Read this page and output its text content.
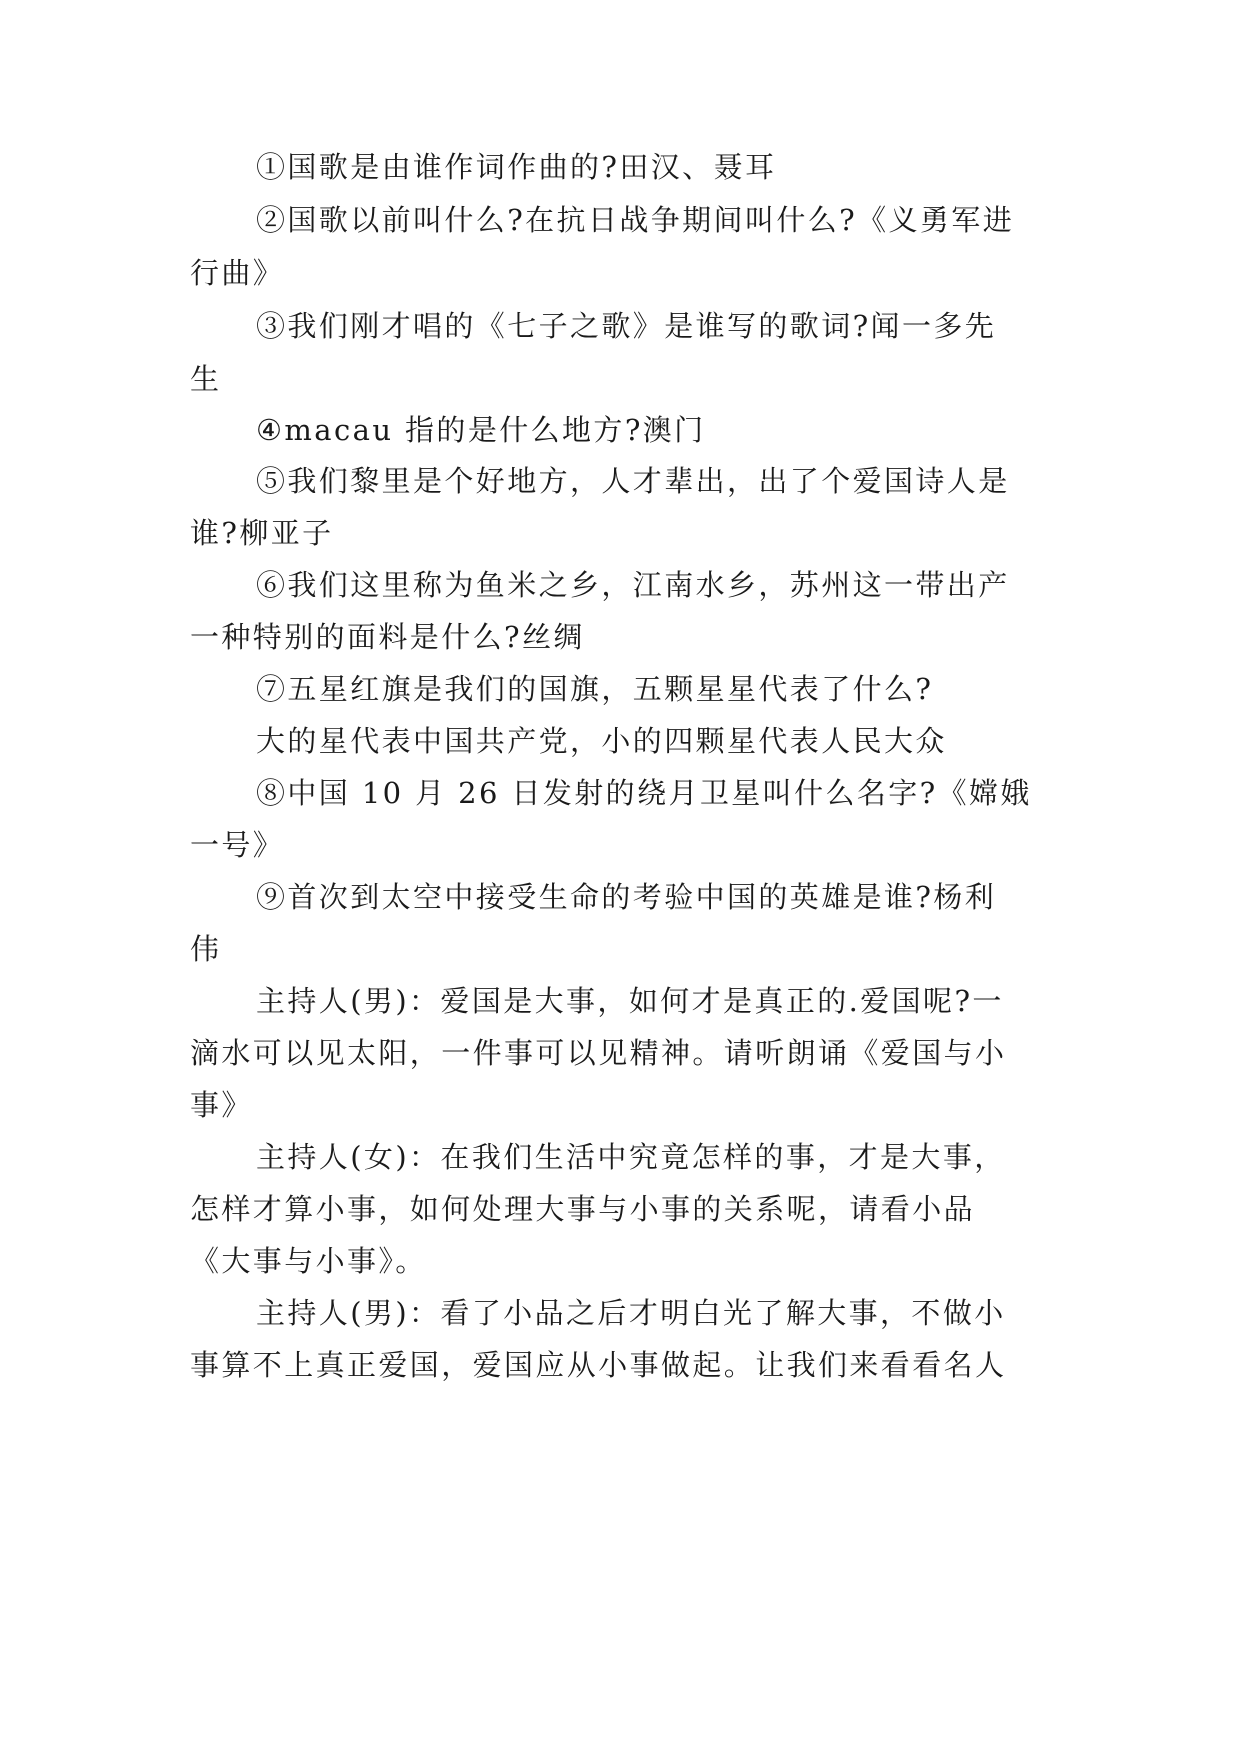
①国歌是由谁作词作曲的?田汉、聂耳
②国歌以前叫什么?在抗日战争期间叫什么?《义勇军进
行曲》
③我们刚才唱的《七子之歌》是谁写的歌词?闻一多先
生
④macau 指的是什么地方?澳门
⑤我们黎里是个好地方，人才辈出，出了个爱国诗人是
谁?柳亚子
⑥我们这里称为鱼米之乡，江南水乡，苏州这一带出产
一种特别的面料是什么?丝绸
⑦五星红旗是我们的国旗，五颗星星代表了什么?
大的星代表中国共产党，小的四颗星代表人民大众
⑧中国 10 月 26 日发射的绕月卫星叫什么名字?《嫦娥
一号》
⑨首次到太空中接受生命的考验中国的英雄是谁?杨利
伟
主持人(男)：爱国是大事，如何才是真正的.爱国呢?一
滴水可以见太阳，一件事可以见精神。请听朗诵《爱国与小
事》
主持人(女)：在我们生活中究竟怎样的事，才是大事，
怎样才算小事，如何处理大事与小事的关系呢，请看小品
《大事与小事》。
主持人(男)：看了小品之后才明白光了解大事，不做小
事算不上真正爱国，爱国应从小事做起。让我们来看看名人
